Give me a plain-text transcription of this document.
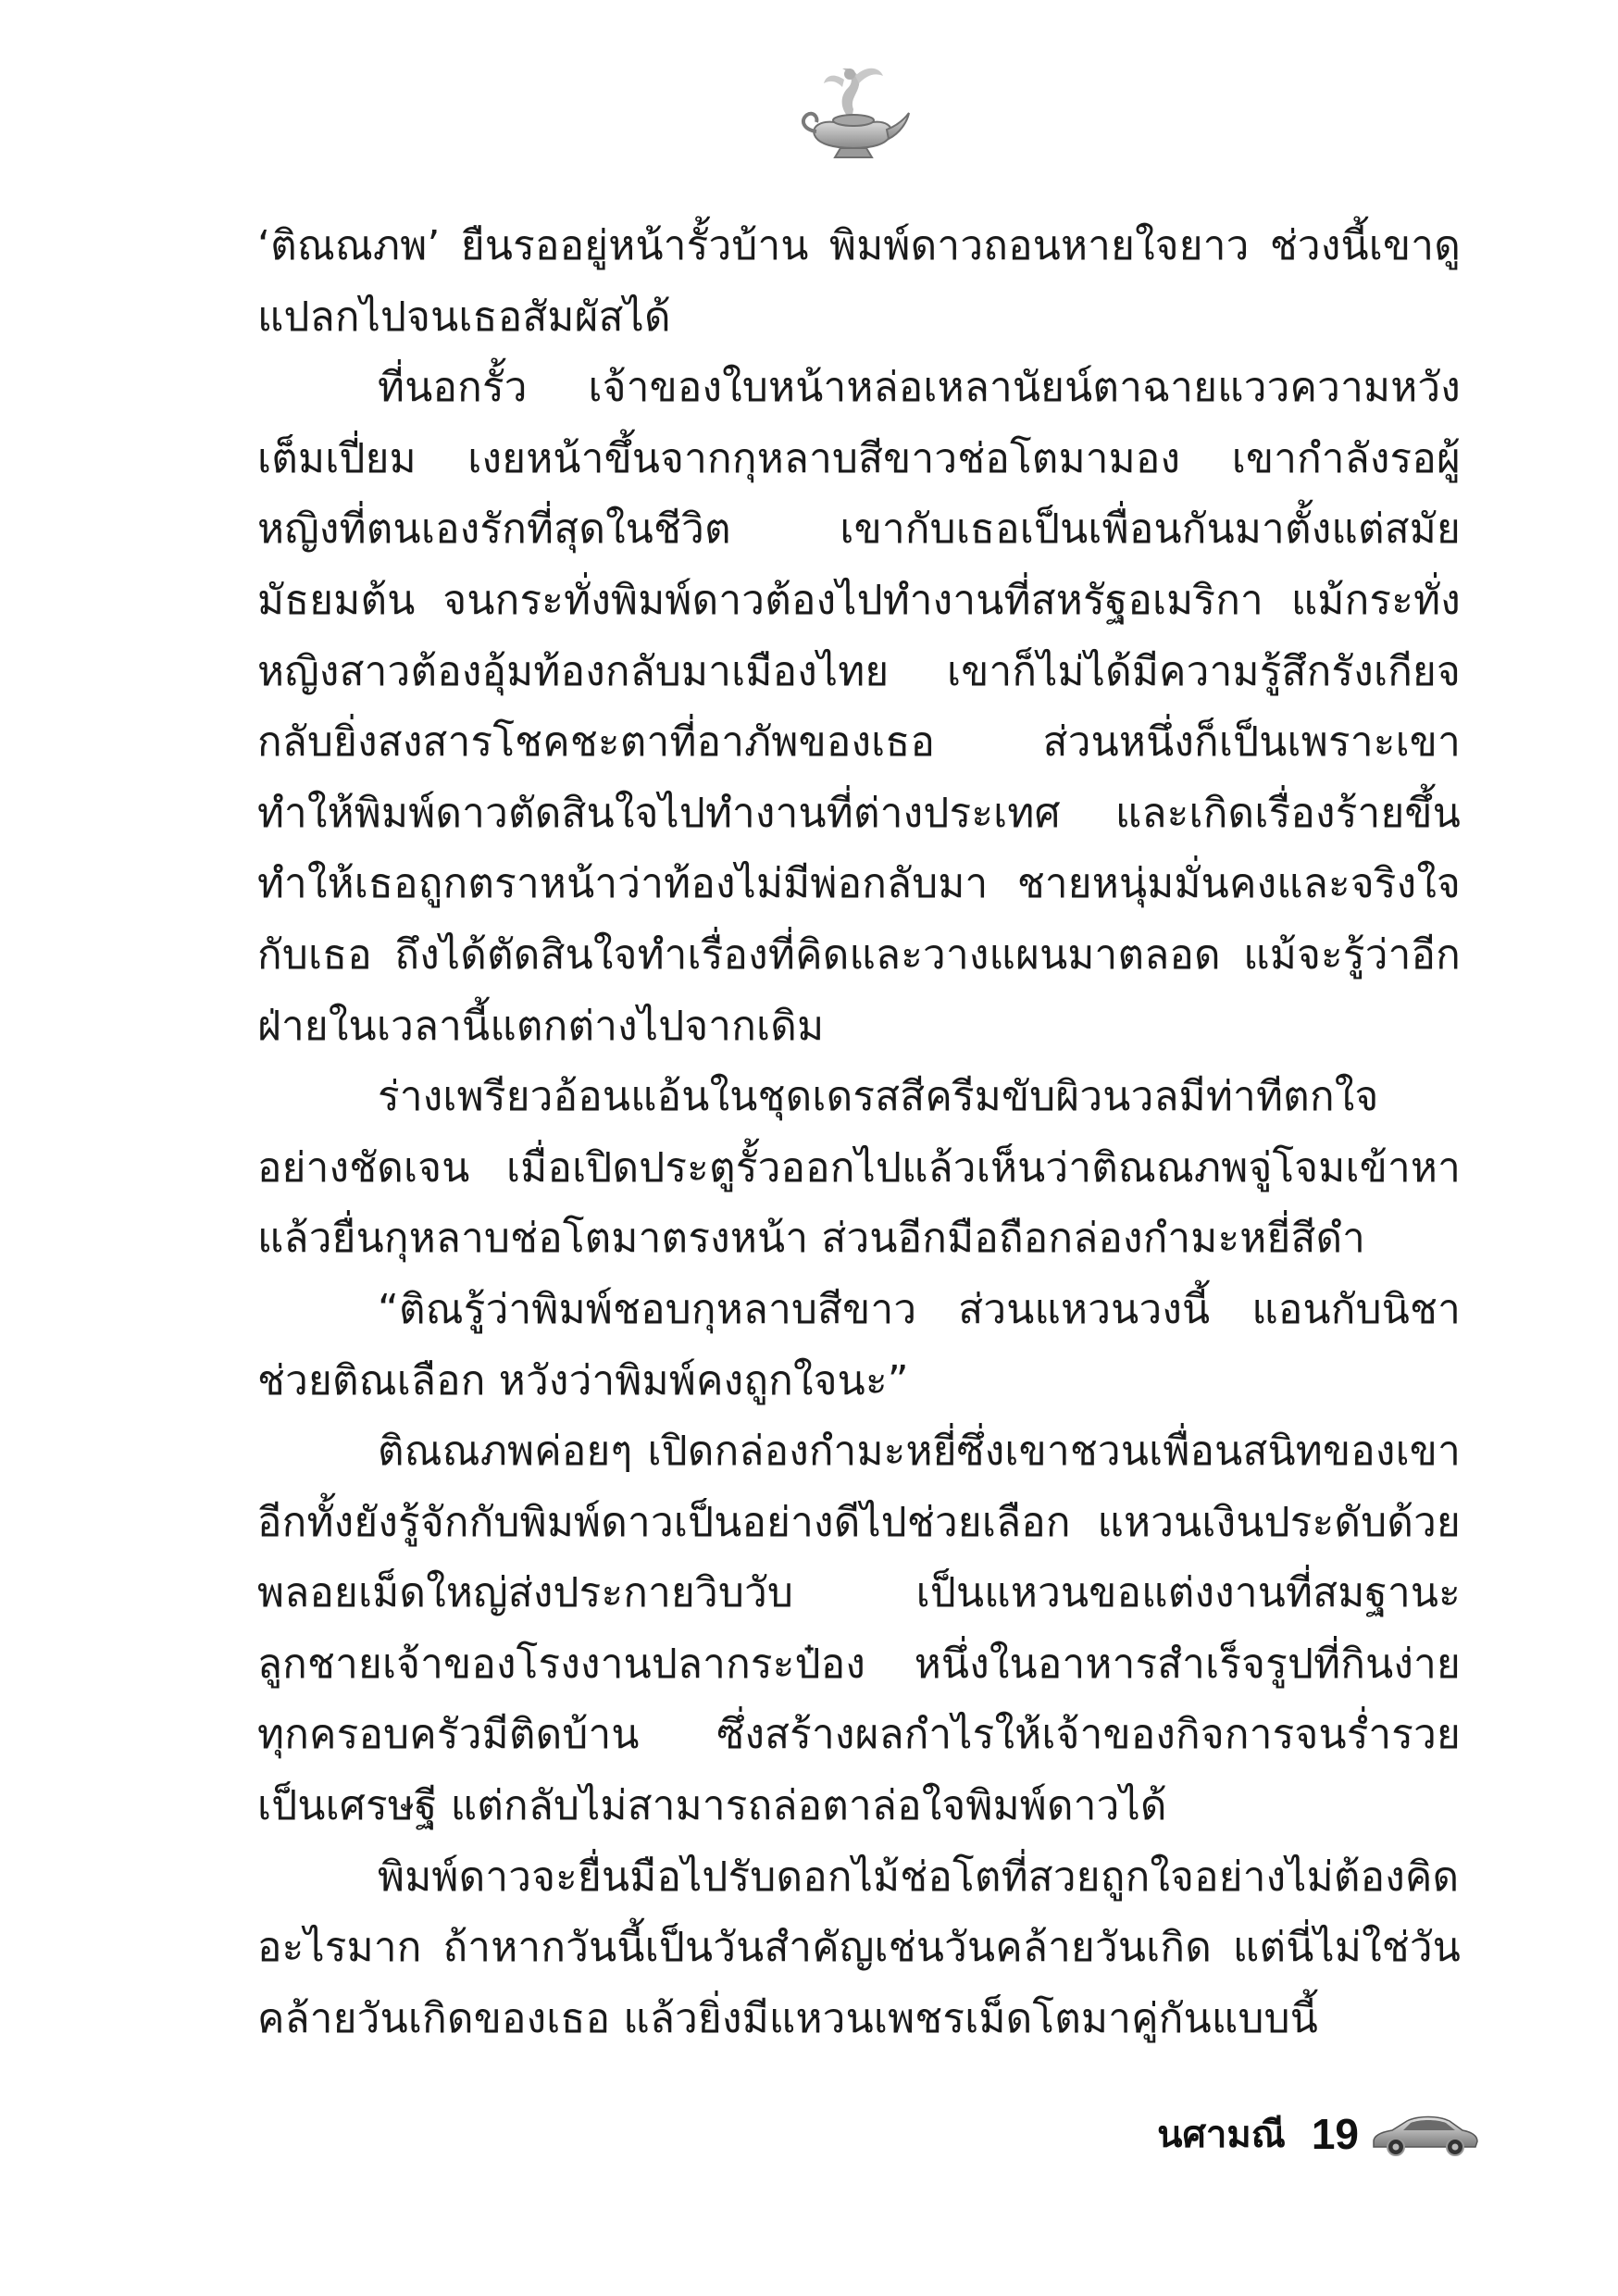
‘ติณณภพ’ ยืนรออยู่หน้ารั้วบ้าน พิมพ์ดาวถอนหายใจยาว ช่วงนี้เขาดูแปลกไปจนเธอสัมผัสได้

ที่นอกรั้ว เจ้าของใบหน้าหล่อเหลานัยน์ตาฉายแววความหวังเต็มเปี่ยม เงยหน้าขึ้นจากกุหลาบสีขาวช่อโตมามอง เขากำลังรอผู้หญิงที่ตนเองรักที่สุดในชีวิต เขากับเธอเป็นเพื่อนกันมาตั้งแต่สมัยมัธยมต้น จนกระทั่งพิมพ์ดาวต้องไปทำงานที่สหรัฐอเมริกา แม้กระทั่งหญิงสาวต้องอุ้มท้องกลับมาเมืองไทย เขาก็ไม่ได้มีความรู้สึกรังเกียจ กลับยิ่งสงสารโชคชะตาที่อาภัพของเธอ ส่วนหนึ่งก็เป็นเพราะเขาทำให้พิมพ์ดาวตัดสินใจไปทำงานที่ต่างประเทศ และเกิดเรื่องร้ายขึ้น ทำให้เธอถูกตราหน้าว่าท้องไม่มีพ่อกลับมา ชายหนุ่มมั่นคงและจริงใจกับเธอ ถึงได้ตัดสินใจทำเรื่องที่คิดและวางแผนมาตลอด แม้จะรู้ว่าอีกฝ่ายในเวลานี้แตกต่างไปจากเดิม

ร่างเพรียวอ้อนแอ้นในชุดเดรสสีครีมขับผิวนวลมีท่าทีตกใจอย่างชัดเจน เมื่อเปิดประตูรั้วออกไปแล้วเห็นว่าติณณภพจู่โจมเข้าหา แล้วยื่นกุหลาบช่อโตมาตรงหน้า ส่วนอีกมือถือกล่องกำมะหยี่สีดำ

“ติณรู้ว่าพิมพ์ชอบกุหลาบสีขาว ส่วนแหวนวงนี้ แอนกับนิชาช่วยติณเลือก หวังว่าพิมพ์คงถูกใจนะ”

ติณณภพค่อยๆ เปิดกล่องกำมะหยี่ซึ่งเขาชวนเพื่อนสนิทของเขาอีกทั้งยังรู้จักกับพิมพ์ดาวเป็นอย่างดีไปช่วยเลือก แหวนเงินประดับด้วยพลอยเม็ดใหญ่ส่งประกายวิบวับ เป็นแหวนขอแต่งงานที่สมฐานะลูกชายเจ้าของโรงงานปลากระป๋อง หนึ่งในอาหารสำเร็จรูปที่กินง่ายทุกครอบครัวมีติดบ้าน ซึ่งสร้างผลกำไรให้เจ้าของกิจการจนร่ำรวยเป็นเศรษฐี แต่กลับไม่สามารถล่อตาล่อใจพิมพ์ดาวได้

พิมพ์ดาวจะยื่นมือไปรับดอกไม้ช่อโตที่สวยถูกใจอย่างไม่ต้องคิดอะไรมาก ถ้าหากวันนี้เป็นวันสำคัญเช่นวันคล้ายวันเกิด แต่นี่ไม่ใช่วันคล้ายวันเกิดของเธอ แล้วยิ่งมีแหวนเพชรเม็ดโตมาคู่กันแบบนี้

นศามณี 19
